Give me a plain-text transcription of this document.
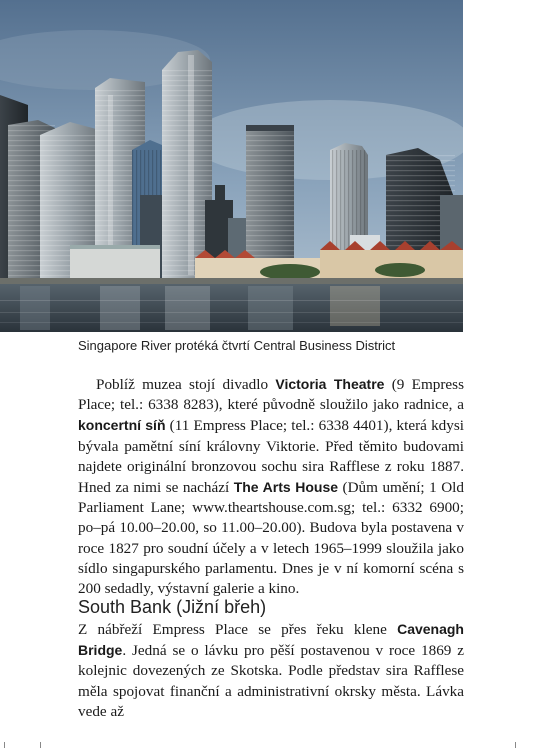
Singapore River protéká čtvrtí Central Business District

Poblíž muzea stojí divadlo Victoria Theatre (9 Empress Place; tel.: 6338 8283), které původně sloužilo jako radnice, a koncertní síň (11 Empress Place; tel.: 6338 4401), která kdysi bývala pamětní síní královny Viktorie. Před těmito budovami najdete originální bronzovou sochu sira Rafflese z roku 1887. Hned za nimi se nachází The Arts House (Dům umění; 1 Old Parliament Lane; www.theartshouse.com.sg; tel.: 6332 6900; po–pá 10.00–20.00, so 11.00–20.00). Budova byla postavena v roce 1827 pro soudní účely a v letech 1965–1999 sloužila jako sídlo singapurského parlamentu. Dnes je v ní komorní scéna s 200 sedadly, výstavní galerie a kino.

South Bank (Jižní břeh)

Z nábřeží Empress Place se přes řeku klene Cavenagh Bridge. Jedná se o lávku pro pěší postavenou v roce 1869 z kolejnic dovezených ze Skotska. Podle představ sira Rafflese měla spojovat finanční a administrativní okrsky města. Lávka vede až
